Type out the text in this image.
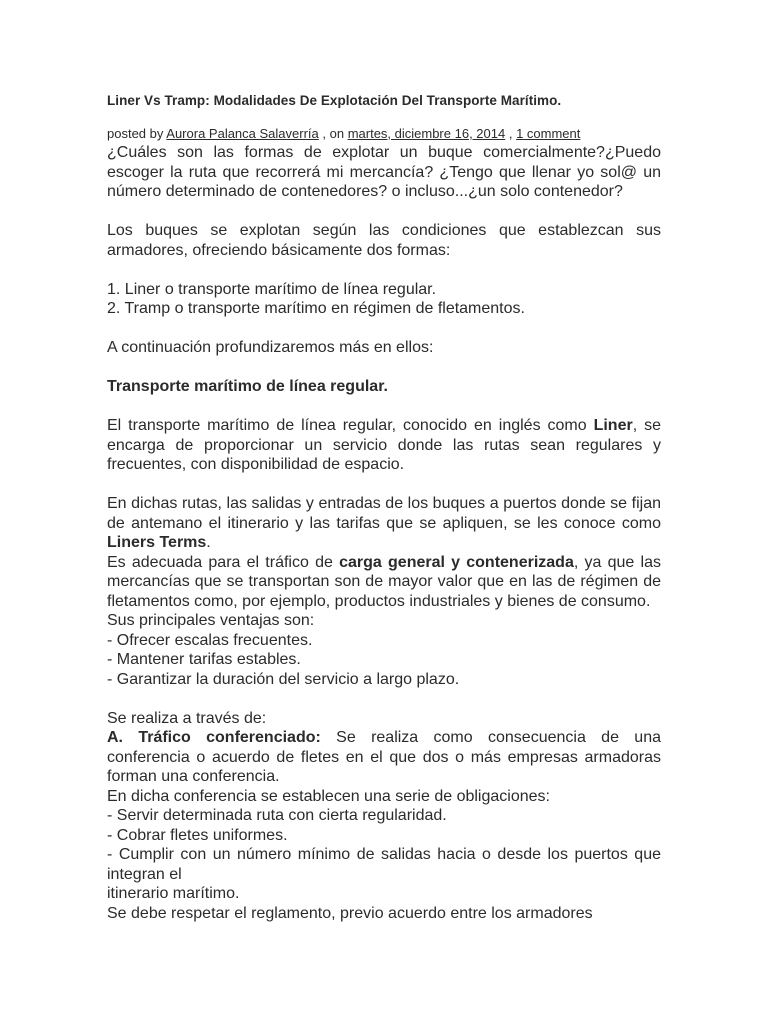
Liner Vs Tramp: Modalidades De Explotación Del Transporte Marítimo.
posted by Aurora Palanca Salaverría , on martes, diciembre 16, 2014 , 1 comment

¿Cuáles son las formas de explotar un buque comercialmente?¿Puedo escoger la ruta que recorrerá mi mercancía? ¿Tengo que llenar yo sol@ un número determinado de contenedores? o incluso...¿un solo contenedor?

Los buques se explotan según las condiciones que establezcan sus armadores, ofreciendo básicamente dos formas:

1. Liner o transporte marítimo de línea regular.

2. Tramp o transporte marítimo en régimen de fletamentos.

A continuación profundizaremos más en ellos:

Transporte marítimo de línea regular.

El transporte marítimo de línea regular, conocido en inglés como Liner, se encarga de proporcionar un servicio donde las rutas sean regulares y frecuentes, con disponibilidad de espacio.

En dichas rutas, las salidas y entradas de los buques a puertos donde se fijan de antemano el itinerario y las tarifas que se apliquen, se les conoce como Liners Terms.

Es adecuada para el tráfico de carga general y contenerizada, ya que las mercancías que se transportan son de mayor valor que en las de régimen de fletamentos como, por ejemplo, productos industriales y bienes de consumo.

Sus principales ventajas son:

- Ofrecer escalas frecuentes.

- Mantener tarifas estables.

- Garantizar la duración del servicio a largo plazo.

Se realiza a través de:

A. Tráfico conferenciado: Se realiza como consecuencia de una conferencia o acuerdo de fletes en el que dos o más empresas armadoras forman una conferencia.

En dicha conferencia se establecen una serie de obligaciones:

- Servir determinada ruta con cierta regularidad.

- Cobrar fletes uniformes.

- Cumplir con un número mínimo de salidas hacia o desde los puertos que integran el

itinerario marítimo.

Se debe respetar el reglamento, previo acuerdo entre los armadores
